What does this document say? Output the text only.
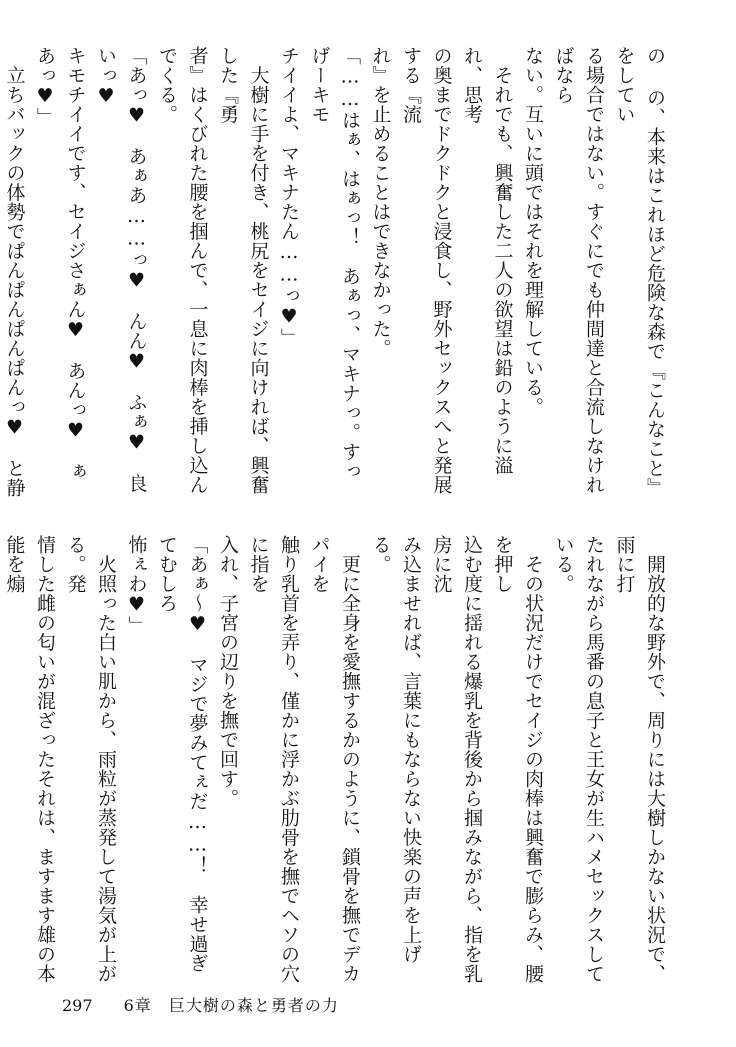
の の、本来はこれほど危険な森で『こんなこと』をしてい
る場合ではない。すぐにでも仲間達と合流しなければなら
ない。互いに頭ではそれを理解している。

　それでも、興奮した二人の欲望は鉛のように溢れ、思考
の奥までドクドクと浸食し、野外セックスへと発展する『流
れ』を止めることはできなかった。

「……はぁ、はぁっ！　あぁっ、マキナっ。すっげーキモ
チイイよ、マキナたん……っ♥」

　大樹に手を付き、桃尻をセイジに向ければ、興奮した『勇
者』はくびれた腰を掴んで、一息に肉棒を挿し込んでくる。

「あっ♥　あぁあ……っ♥　んん♥　ふぁ♥　良いっ♥
キモチイイです、セイジさぁん♥　あんっ♥　ぁあっ♥」

　立ちバックの体勢でぱんぱんぱんぱんっ♥　と静

　開放的な野外で、周りには大樹しかない状況で、雨に打
たれながら馬番の息子と王女が生ハメセックスしている。

　その状況だけでセイジの肉棒は興奮で膨らみ、腰を押し
込む度に揺れる爆乳を背後から掴みながら、指を乳房に沈
み込ませれば、言葉にもならない快楽の声を上げる。

　更に全身を愛撫するかのように、鎖骨を撫でデカパイを
触り乳首を弄り、僅かに浮かぶ肋骨を撫でヘソの穴に指を
入れ、子宮の辺りを撫で回す。

「あぁ～♥　マジで夢みてぇだ……！　幸せ過ぎてむしろ
怖ぇわ♥」

　火照った白い肌から、雨粒が蒸発して湯気が上がる。発
情した雌の匂いが混ざったそれは、ますます雄の本能を煽

297 6章　巨大樹の森と勇者の力
